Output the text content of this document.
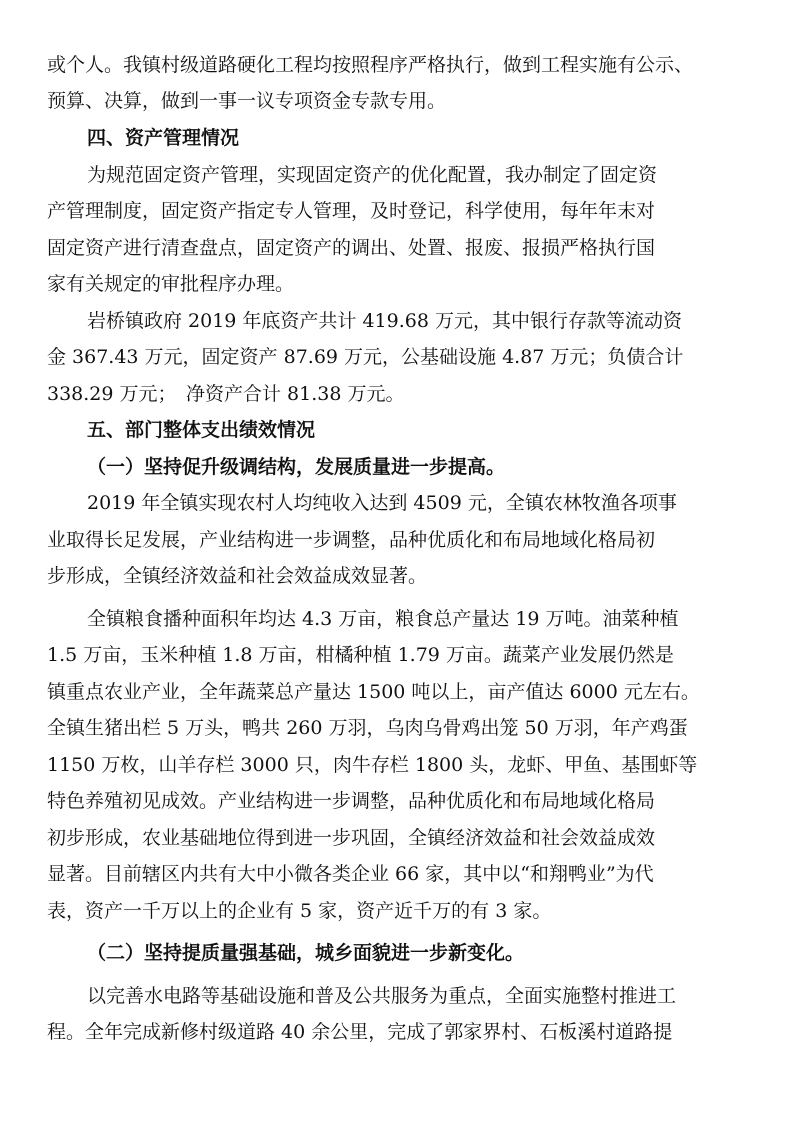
或个人。我镇村级道路硬化工程均按照程序严格执行，做到工程实施有公示、
预算、决算，做到一事一议专项资金专款专用。
四、资产管理情况
为规范固定资产管理，实现固定资产的优化配置，我办制定了固定资
产管理制度，固定资产指定专人管理，及时登记，科学使用，每年年末对
固定资产进行清查盘点，固定资产的调出、处置、报废、报损严格执行国
家有关规定的审批程序办理。
岩桥镇政府 2019 年底资产共计 419.68 万元，其中银行存款等流动资
金 367.43 万元，固定资产 87.69 万元，公基础设施 4.87 万元；负债合计
338.29 万元；　净资产合计 81.38 万元。
五、部门整体支出绩效情况
（一）坚持促升级调结构，发展质量进一步提高。
2019 年全镇实现农村人均纯收入达到 4509 元，全镇农林牧渔各项事
业取得长足发展，产业结构进一步调整，品种优质化和布局地域化格局初
步形成，全镇经济效益和社会效益成效显著。
全镇粮食播种面积年均达 4.3 万亩，粮食总产量达 19 万吨。油菜种植
1.5 万亩，玉米种植 1.8 万亩，柑橘种植 1.79 万亩。蔬菜产业发展仍然是
镇重点农业产业，全年蔬菜总产量达 1500 吨以上，亩产值达 6000 元左右。
全镇生猪出栏 5 万头，鸭共 260 万羽，乌肉乌骨鸡出笼 50 万羽，年产鸡蛋
1150 万枚，山羊存栏 3000 只，肉牛存栏 1800 头，龙虾、甲鱼、基围虾等
特色养殖初见成效。产业结构进一步调整，品种优质化和布局地域化格局
初步形成，农业基础地位得到进一步巩固，全镇经济效益和社会效益成效
显著。目前辖区内共有大中小微各类企业 66 家，其中以“和翔鸭业”为代
表，资产一千万以上的企业有 5 家，资产近千万的有 3 家。
（二）坚持提质量强基础，城乡面貌进一步新变化。
以完善水电路等基础设施和普及公共服务为重点，全面实施整村推进工
程。全年完成新修村级道路 40 余公里，完成了郭家界村、石板溪村道路提
